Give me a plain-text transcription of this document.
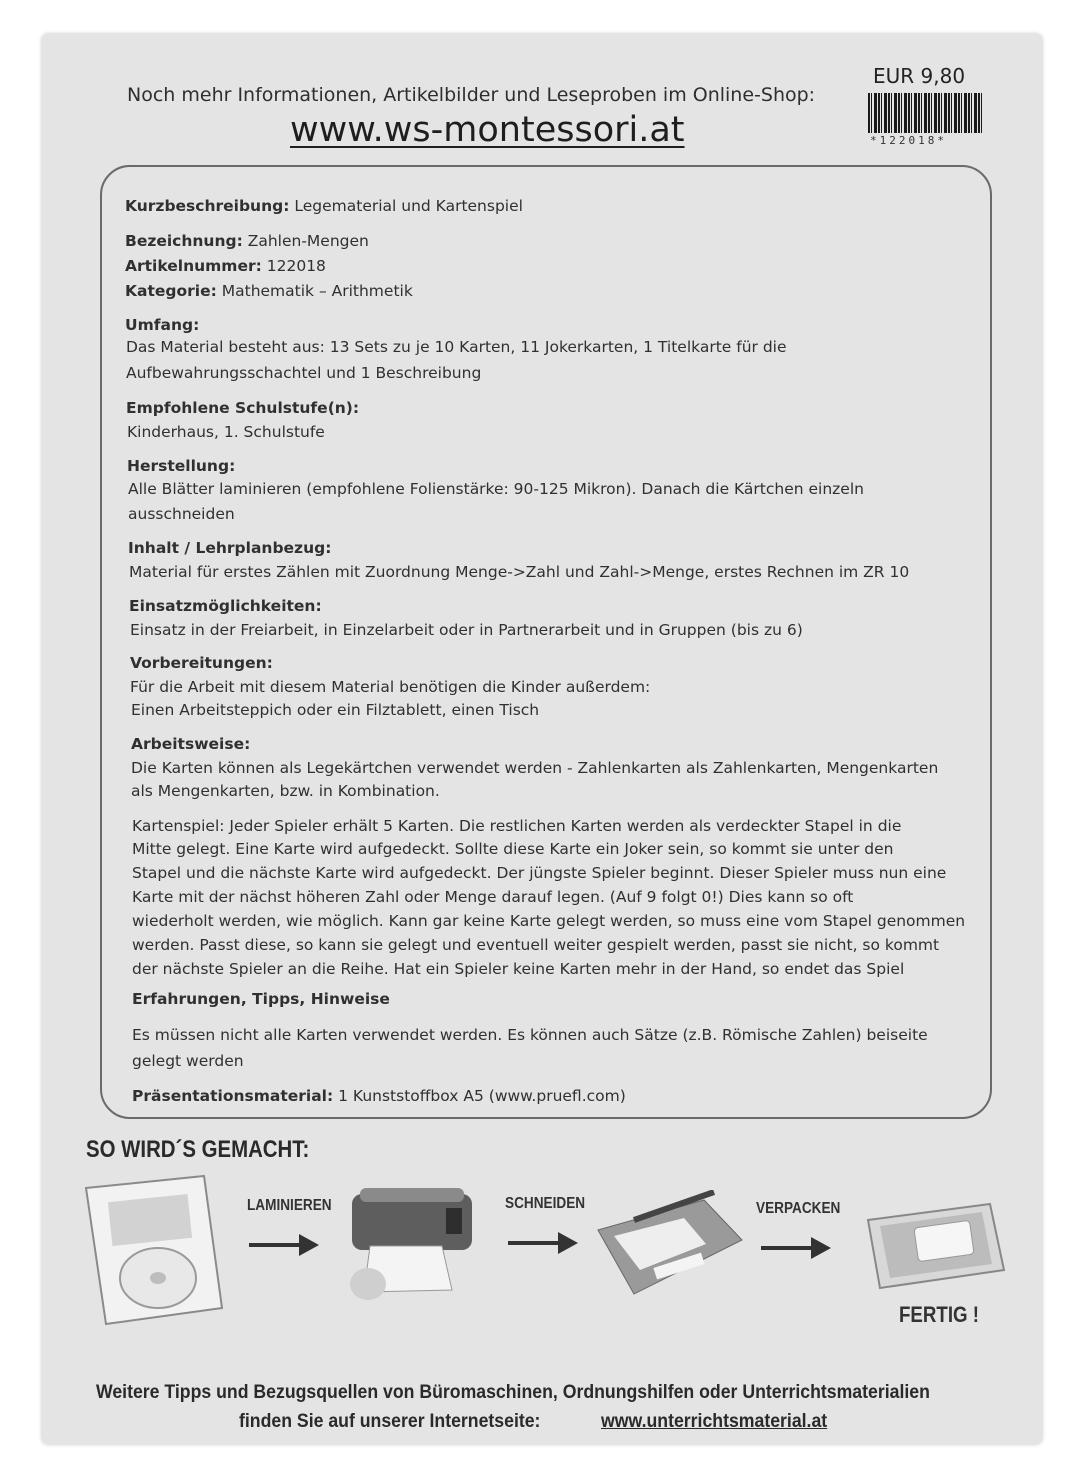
Noch mehr Informationen, Artikelbilder und Leseproben im Online-Shop:
www.ws-montessori.at
EUR 9,80
*122018*
Kurzbeschreibung: Legematerial und Kartenspiel
Bezeichnung: Zahlen-Mengen
Artikelnummer: 122018
Kategorie: Mathematik – Arithmetik
Umfang:
Das Material besteht aus: 13 Sets zu je 10 Karten, 11 Jokerkarten, 1 Titelkarte für die
Aufbewahrungsschachtel und 1 Beschreibung
Empfohlene Schulstufe(n):
Kinderhaus, 1. Schulstufe
Herstellung:
Alle Blätter laminieren (empfohlene Folienstärke: 90-125 Mikron). Danach die Kärtchen einzeln
ausschneiden
Inhalt / Lehrplanbezug:
Material für erstes Zählen mit Zuordnung Menge->Zahl und Zahl->Menge, erstes Rechnen im ZR 10
Einsatzmöglichkeiten:
Einsatz in der Freiarbeit, in Einzelarbeit oder in Partnerarbeit und in Gruppen (bis zu 6)
Vorbereitungen:
Für die Arbeit mit diesem Material benötigen die Kinder außerdem:
Einen Arbeitsteppich oder ein Filztablett, einen Tisch
Arbeitsweise:
Die Karten können als Legekärtchen verwendet werden - Zahlenkarten als Zahlenkarten, Mengenkarten
als Mengenkarten, bzw. in Kombination.
Kartenspiel: Jeder Spieler erhält 5 Karten. Die restlichen Karten werden als verdeckter Stapel in die
Mitte gelegt. Eine Karte wird aufgedeckt. Sollte diese Karte ein Joker sein, so kommt sie unter den
Stapel und die nächste Karte wird aufgedeckt. Der jüngste Spieler beginnt. Dieser Spieler muss nun eine
Karte mit der nächst höheren Zahl oder Menge darauf legen. (Auf 9 folgt 0!) Dies kann so oft
wiederholt werden, wie möglich. Kann gar keine Karte gelegt werden, so muss eine vom Stapel genommen
werden. Passt diese, so kann sie gelegt und eventuell weiter gespielt werden, passt sie nicht, so kommt
der nächste Spieler an die Reihe. Hat ein Spieler keine Karten mehr in der Hand, so endet das Spiel
Erfahrungen, Tipps, Hinweise
Es müssen nicht alle Karten verwendet werden. Es können auch Sätze (z.B. Römische Zahlen) beiseite
gelegt werden
Präsentationsmaterial: 1 Kunststoffbox A5 (www.pruefl.com)
SO WIRD´S GEMACHT:
LAMINIEREN	SCHNEIDEN	VERPACKEN
FERTIG !
Weitere Tipps und Bezugsquellen von Büromaschinen, Ordnungshilfen oder Unterrichtsmaterialien
finden Sie auf unserer Internetseite:	www.unterrichtsmaterial.at
